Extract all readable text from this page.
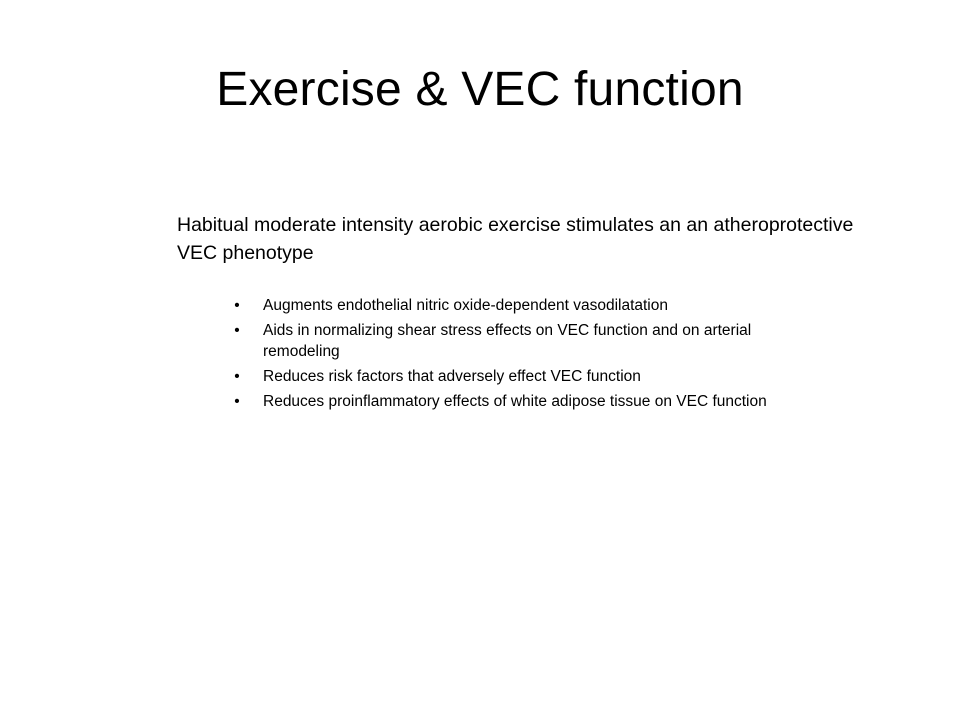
Exercise & VEC function

Habitual moderate intensity aerobic exercise stimulates an an atheroprotective VEC phenotype

• Augments endothelial nitric oxide-dependent vasodilatation
• Aids in normalizing shear stress effects on VEC function and on arterial remodeling
• Reduces risk factors that adversely effect VEC function
• Reduces proinflammatory effects of white adipose tissue on VEC function
